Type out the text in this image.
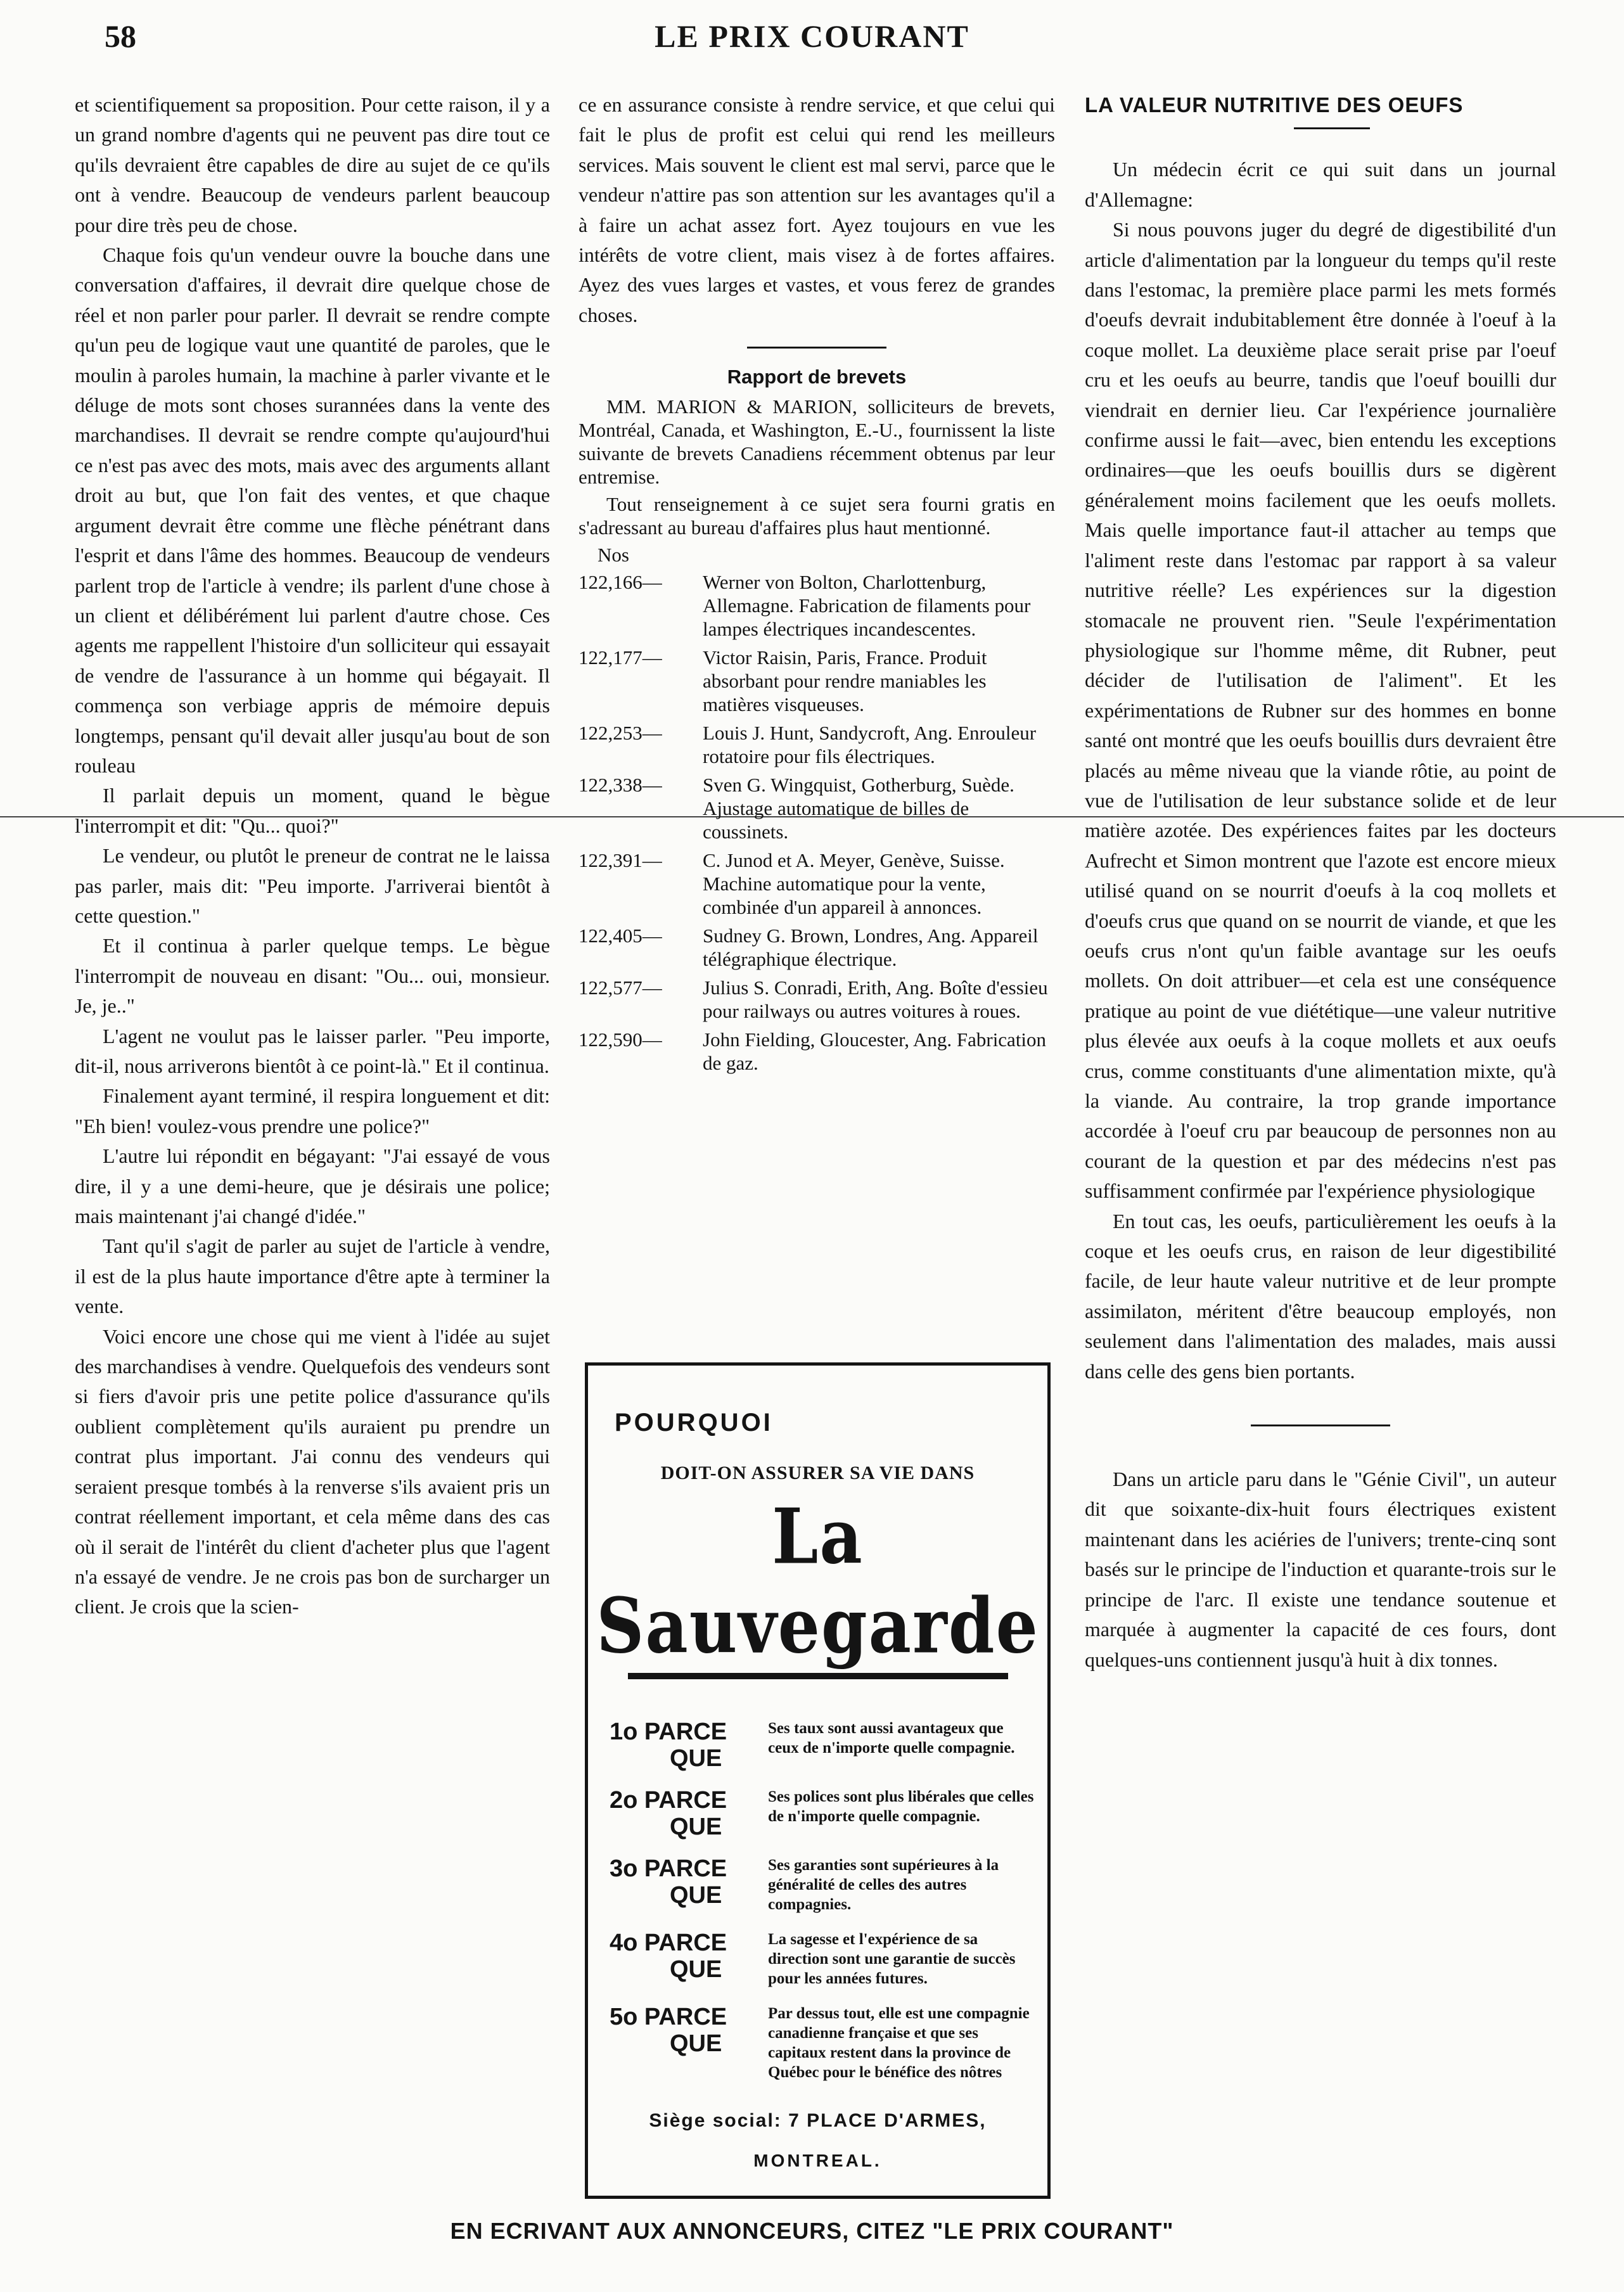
LE PRIX COURANT
58

et scientifiquement sa proposition. Pour cette raison, il y a un grand nombre d'agents qui ne peuvent pas dire tout ce qu'ils devraient être capables de dire au sujet de ce qu'ils ont à vendre. Beaucoup de vendeurs parlent beaucoup pour dire très peu de chose.

Chaque fois qu'un vendeur ouvre la bouche dans une conversation d'affaires, il devrait dire quelque chose de réel et non parler pour parler. Il devrait se rendre compte qu'un peu de logique vaut une quantité de paroles, que le moulin à paroles humain, la machine à parler vivante et le déluge de mots sont choses surannées dans la vente des marchandises. Il devrait se rendre compte qu'aujourd'hui ce n'est pas avec des mots, mais avec des arguments allant droit au but, que l'on fait des ventes, et que chaque argument devrait être comme une flèche pénétrant dans l'esprit et dans l'âme des hommes. Beaucoup de vendeurs parlent trop de l'article à vendre; ils parlent d'une chose à un client et délibérément lui parlent d'autre chose. Ces agents me rappellent l'histoire d'un solliciteur qui essayait de vendre de l'assurance à un homme qui bégayait. Il commença son verbiage appris de mémoire depuis longtemps, pensant qu'il devait aller jusqu'au bout de son rouleau

Il parlait depuis un moment, quand le bègue l'interrompit et dit: "Qu... quoi?"

Le vendeur, ou plutôt le preneur de contrat ne le laissa pas parler, mais dit: "Peu importe. J'arriverai bientôt à cette question."

Et il continua à parler quelque temps. Le bègue l'interrompit de nouveau en disant: "Ou... oui, monsieur. Je, je.."

L'agent ne voulut pas le laisser parler. "Peu importe, dit-il, nous arriverons bientôt à ce point-là." Et il continua.

Finalement ayant terminé, il respira longuement et dit: "Eh bien! voulez-vous prendre une police?"

L'autre lui répondit en bégayant: "J'ai essayé de vous dire, il y a une demi-heure, que je désirais une police; mais maintenant j'ai changé d'idée."

Tant qu'il s'agit de parler au sujet de l'article à vendre, il est de la plus haute importance d'être apte à terminer la vente.

Voici encore une chose qui me vient à l'idée au sujet des marchandises à vendre. Quelquefois des vendeurs sont si fiers d'avoir pris une petite police d'assurance qu'ils oublient complètement qu'ils auraient pu prendre un contrat plus important. J'ai connu des vendeurs qui seraient presque tombés à la renverse s'ils avaient pris un contrat réellement important, et cela même dans des cas où il serait de l'intérêt du client d'acheter plus que l'agent n'a essayé de vendre. Je ne crois pas bon de surcharger un client. Je crois que la scien-

ce en assurance consiste à rendre service, et que celui qui fait le plus de profit est celui qui rend les meilleurs services. Mais souvent le client est mal servi, parce que le vendeur n'attire pas son attention sur les avantages qu'il a à faire un achat assez fort. Ayez toujours en vue les intérêts de votre client, mais visez à de fortes affaires. Ayez des vues larges et vastes, et vous ferez de grandes choses.

Rapport de brevets

MM. MARION & MARION, solliciteurs de brevets, Montréal, Canada, et Washington, E.-U., fournissent la liste suivante de brevets Canadiens récemment obtenus par leur entremise.

Tout renseignement à ce sujet sera fourni gratis en s'adressant au bureau d'affaires plus haut mentionné.

Nos

122,166—	Werner von Bolton, Charlottenburg, Allemagne. Fabrication de filaments pour lampes électriques incandescentes.
122,177—	Victor Raisin, Paris, France. Produit absorbant pour rendre maniables les matières visqueuses.
122,253—	Louis J. Hunt, Sandycroft, Ang. Enrouleur rotatoire pour fils électriques.
122,338—	Sven G. Wingquist, Gotherburg, Suède. Ajustage automatique de billes de coussinets.
122,391—	C. Junod et A. Meyer, Genève, Suisse. Machine automatique pour la vente, combinée d'un appareil à annonces.
122,405—	Sudney G. Brown, Londres, Ang. Appareil télégraphique électrique.
122,577—	Julius S. Conradi, Erith, Ang. Boîte d'essieu pour railways ou autres voitures à roues.
122,590—	John Fielding, Gloucester, Ang. Fabrication de gaz.
POURQUOI
DOIT-ON ASSURER SA VIE DANS
La Sauvegarde
1o PARCE
QUE
Ses taux sont aussi avantageux que ceux de n'importe quelle compagnie.
2o PARCE
QUE
Ses polices sont plus libérales que celles de n'importe quelle compagnie.
3o PARCE
QUE
Ses garanties sont supérieures à la généralité de celles des autres compagnies.
4o PARCE
QUE
La sagesse et l'expérience de sa direction sont une garantie de succès pour les années futures.
5o PARCE
QUE
Par dessus tout, elle est une compagnie canadienne française et que ses capitaux restent dans la province de Québec pour le bénéfice des nôtres
Siège social: 7 PLACE D'ARMES,
MONTREAL.

LA VALEUR NUTRITIVE DES OEUFS

Un médecin écrit ce qui suit dans un journal d'Allemagne:

Si nous pouvons juger du degré de digestibilité d'un article d'alimentation par la longueur du temps qu'il reste dans l'estomac, la première place parmi les mets formés d'oeufs devrait indubitablement être donnée à l'oeuf à la coque mollet. La deuxième place serait prise par l'oeuf cru et les oeufs au beurre, tandis que l'oeuf bouilli dur viendrait en dernier lieu. Car l'expérience journalière confirme aussi le fait—avec, bien entendu les exceptions ordinaires—que les oeufs bouillis durs se digèrent généralement moins facilement que les oeufs mollets. Mais quelle importance faut-il attacher au temps que l'aliment reste dans l'estomac par rapport à sa valeur nutritive réelle? Les expériences sur la digestion stomacale ne prouvent rien. "Seule l'expérimentation physiologique sur l'homme même, dit Rubner, peut décider de l'utilisation de l'aliment". Et les expérimentations de Rubner sur des hommes en bonne santé ont montré que les oeufs bouillis durs devraient être placés au même niveau que la viande rôtie, au point de vue de l'utilisation de leur substance solide et de leur matière azotée. Des expériences faites par les docteurs Aufrecht et Simon montrent que l'azote est encore mieux utilisé quand on se nourrit d'oeufs à la coq mollets et d'oeufs crus que quand on se nourrit de viande, et que les oeufs crus n'ont qu'un faible avantage sur les oeufs mollets. On doit attribuer—et cela est une conséquence pratique au point de vue diététique—une valeur nutritive plus élevée aux oeufs à la coque mollets et aux oeufs crus, comme constituants d'une alimentation mixte, qu'à la viande. Au contraire, la trop grande importance accordée à l'oeuf cru par beaucoup de personnes non au courant de la question et par des médecins n'est pas suffisamment confirmée par l'expérience physiologique

En tout cas, les oeufs, particulièrement les oeufs à la coque et les oeufs crus, en raison de leur digestibilité facile, de leur haute valeur nutritive et de leur prompte assimilaton, méritent d'être beaucoup employés, non seulement dans l'alimentation des malades, mais aussi dans celle des gens bien portants.

Dans un article paru dans le "Génie Civil", un auteur dit que soixante-dix-huit fours électriques existent maintenant dans les aciéries de l'univers; trente-cinq sont basés sur le principe de l'induction et quarante-trois sur le principe de l'arc. Il existe une tendance soutenue et marquée à augmenter la capacité de ces fours, dont quelques-uns contiennent jusqu'à huit à dix tonnes.

EN ECRIVANT AUX ANNONCEURS, CITEZ "LE PRIX COURANT"
